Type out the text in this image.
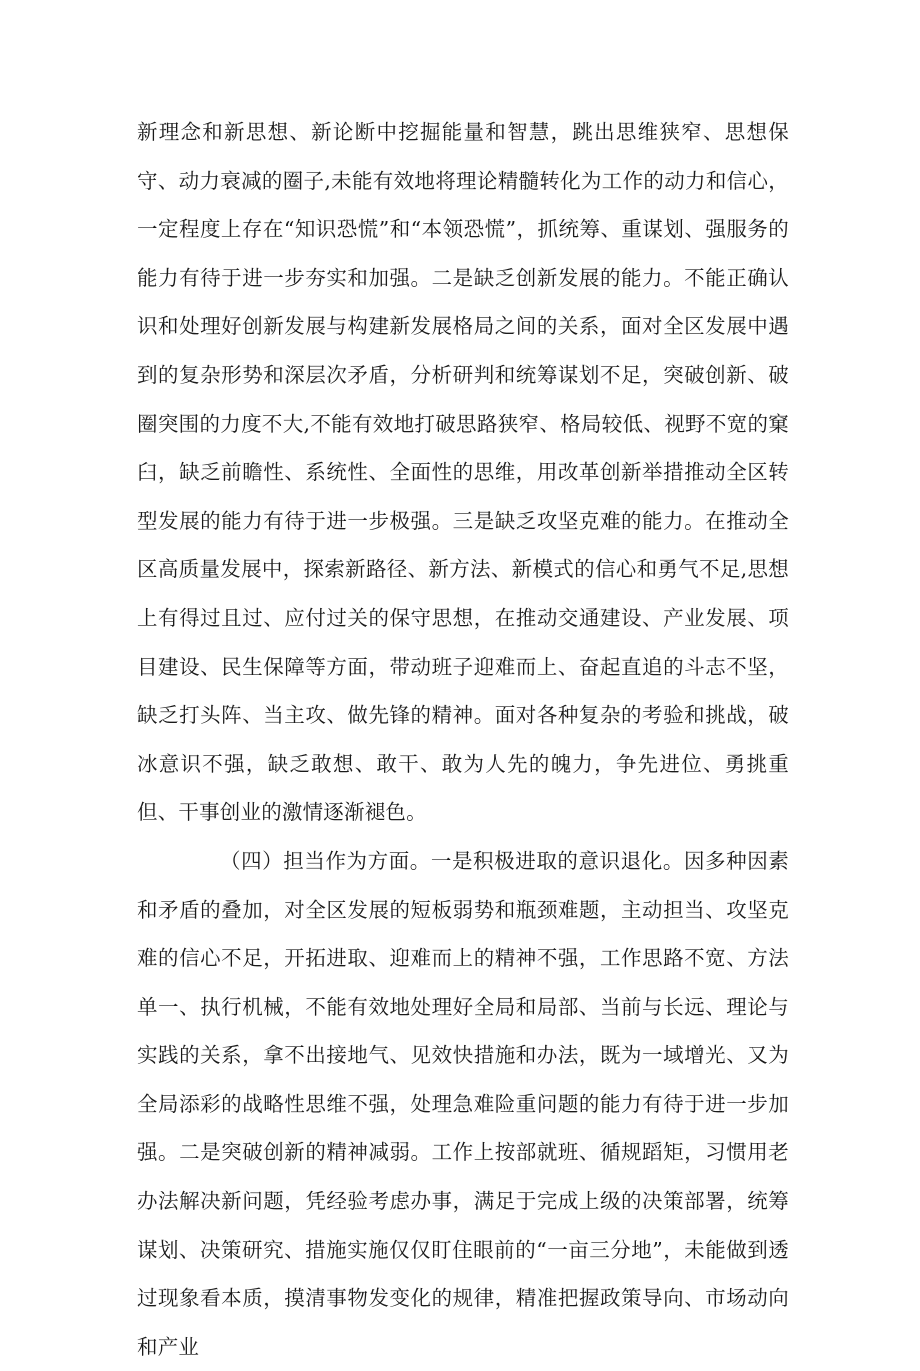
新理念和新思想、新论断中挖掘能量和智慧，跳出思维狭窄、思想保守、动力衰减的圈子,未能有效地将理论精髓转化为工作的动力和信心，一定程度上存在“知识恐慌”和“本领恐慌”，抓统筹、重谋划、强服务的能力有待于进一步夯实和加强。二是缺乏创新发展的能力。不能正确认识和处理好创新发展与构建新发展格局之间的关系，面对全区发展中遇到的复杂形势和深层次矛盾，分析研判和统筹谋划不足，突破创新、破圈突围的力度不大,不能有效地打破思路狭窄、格局较低、视野不宽的窠臼，缺乏前瞻性、系统性、全面性的思维，用改革创新举措推动全区转型发展的能力有待于进一步极强。三是缺乏攻坚克难的能力。在推动全区高质量发展中，探索新路径、新方法、新模式的信心和勇气不足,思想上有得过且过、应付过关的保守思想，在推动交通建设、产业发展、项目建设、民生保障等方面，带动班子迎难而上、奋起直追的斗志不坚，缺乏打头阵、当主攻、做先锋的精神。面对各种复杂的考验和挑战，破冰意识不强，缺乏敢想、敢干、敢为人先的魄力，争先进位、勇挑重但、干事创业的激情逐渐褪色。

（四）担当作为方面。一是积极进取的意识退化。因多种因素和矛盾的叠加，对全区发展的短板弱势和瓶颈难题，主动担当、攻坚克难的信心不足，开拓进取、迎难而上的精神不强，工作思路不宽、方法单一、执行机械，不能有效地处理好全局和局部、当前与长远、理论与实践的关系，拿不出接地气、见效快措施和办法，既为一域增光、又为全局添彩的战略性思维不强，处理急难险重问题的能力有待于进一步加强。二是突破创新的精神减弱。工作上按部就班、循规蹈矩，习惯用老办法解决新问题，凭经验考虑办事，满足于完成上级的决策部署，统筹谋划、决策研究、措施实施仅仅盯住眼前的“一亩三分地”，未能做到透过现象看本质，摸清事物发变化的规律，精准把握政策导向、市场动向和产业
